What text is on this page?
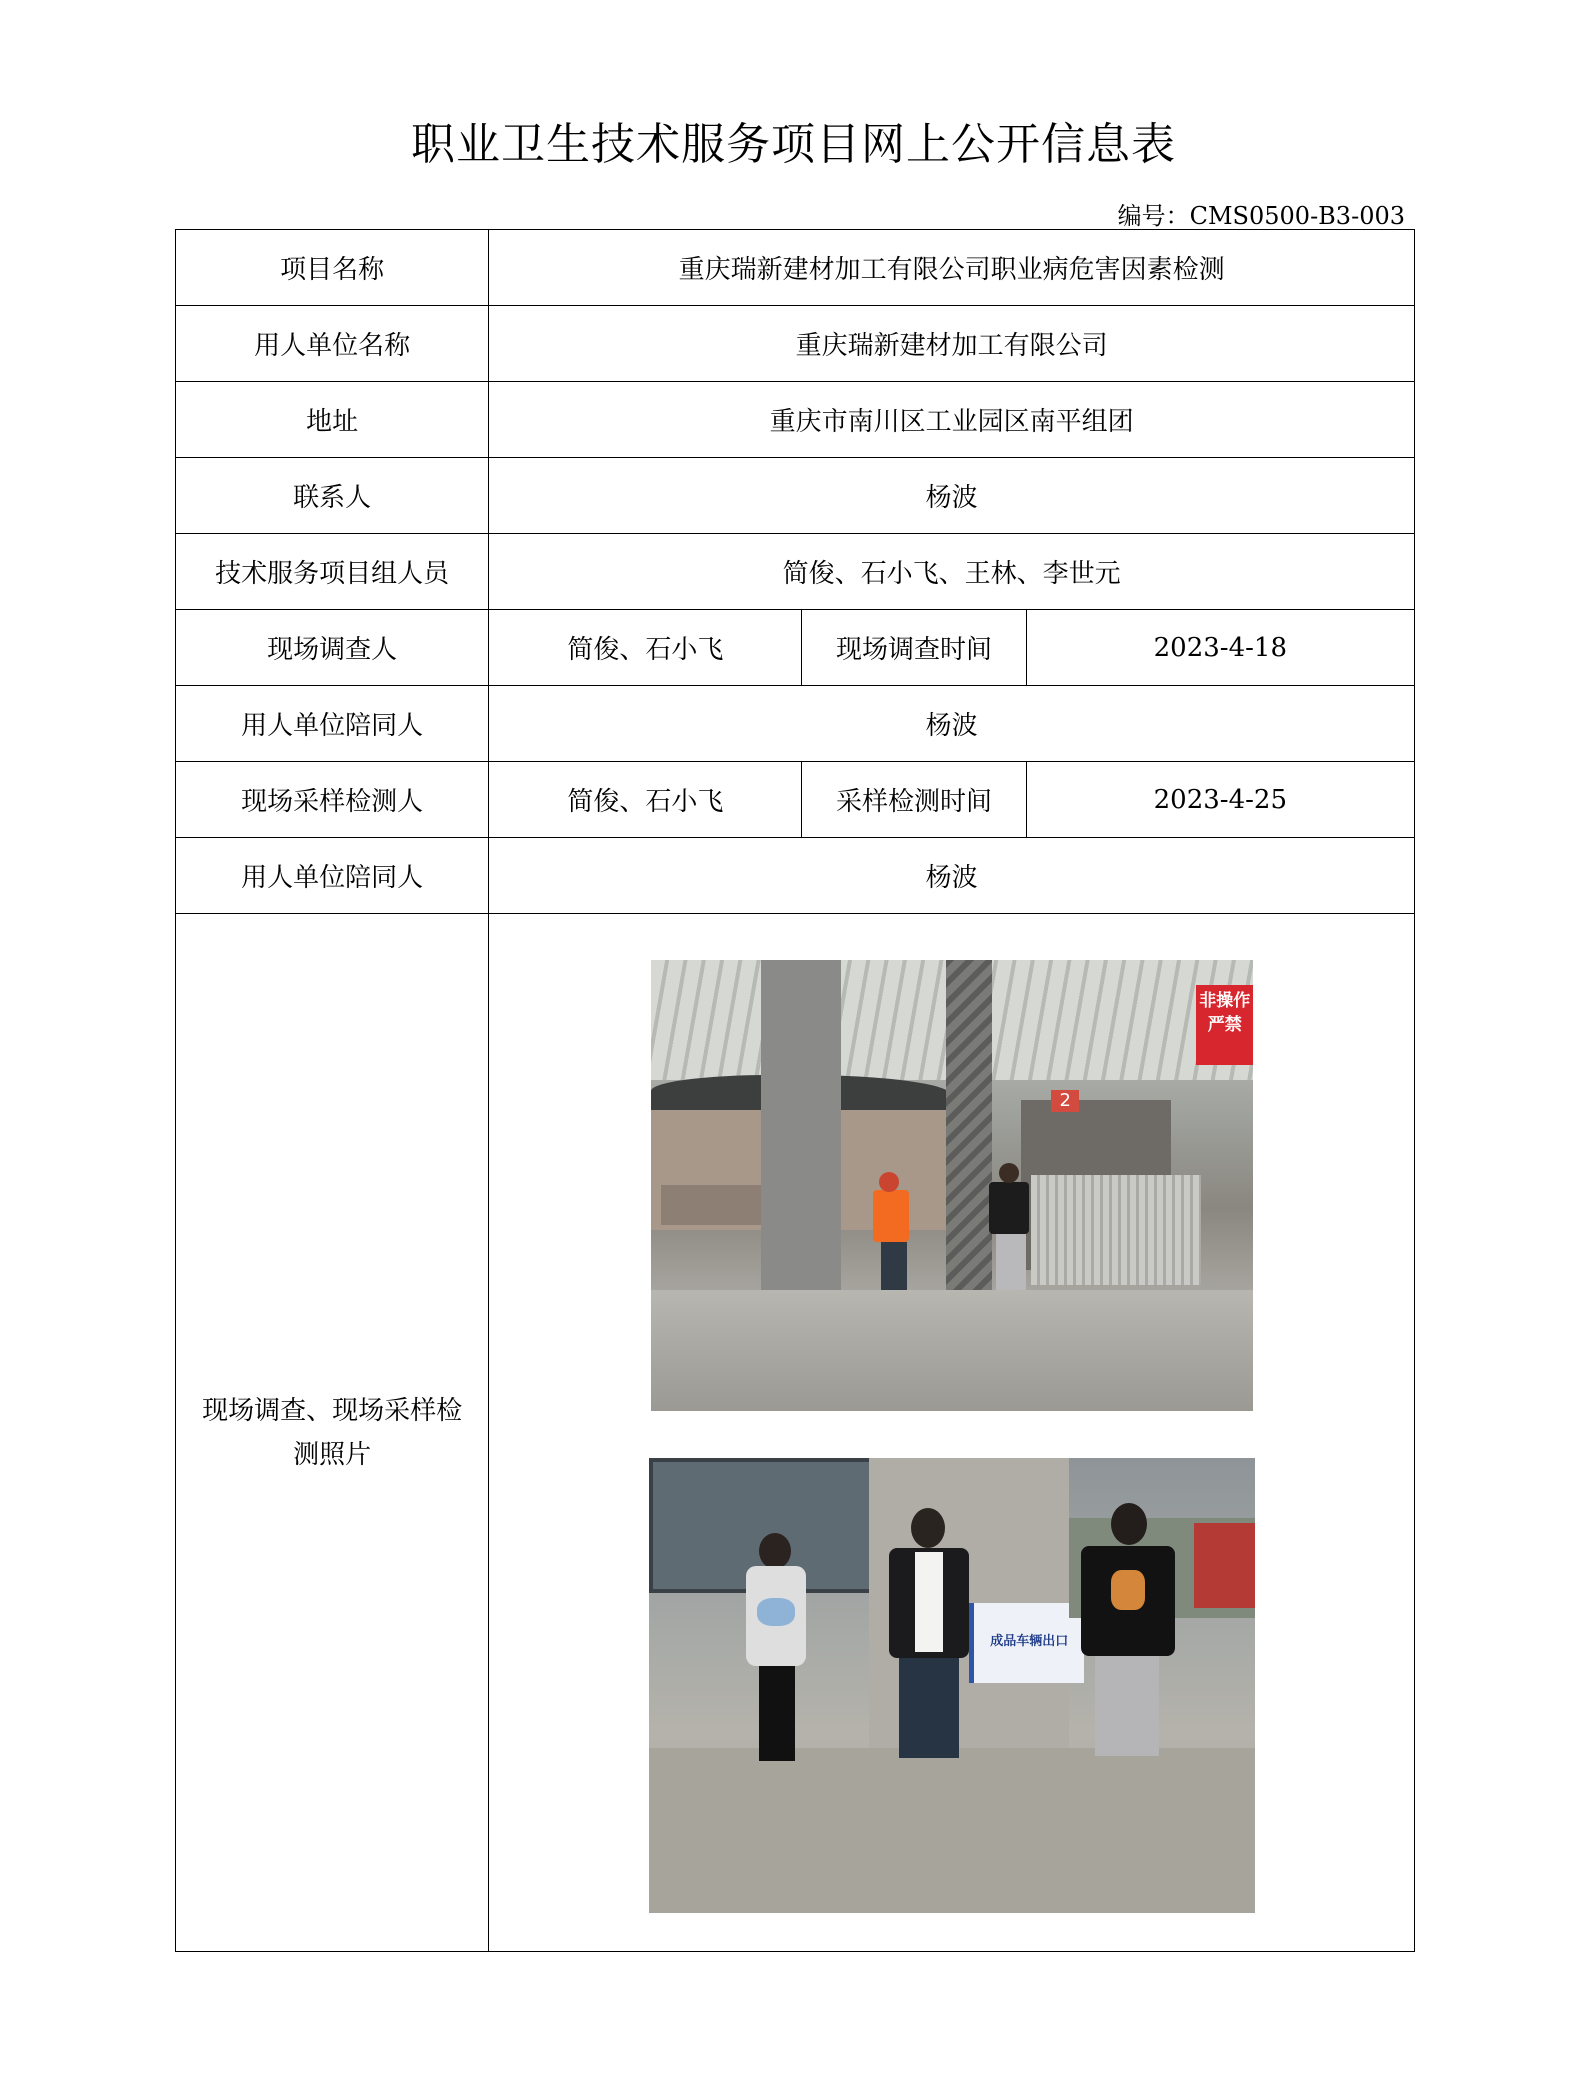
职业卫生技术服务项目网上公开信息表
编号：CMS0500-B3-003
项目名称	重庆瑞新建材加工有限公司职业病危害因素检测		
用人单位名称	重庆瑞新建材加工有限公司		
地址	重庆市南川区工业园区南平组团		
联系人	杨波		
技术服务项目组人员	简俊、石小飞、王林、李世元		
现场调查人	简俊、石小飞	现场调查时间	2023-4-18
用人单位陪同人	杨波		
现场采样检测人	简俊、石小飞	采样检测时间	2023-4-25
用人单位陪同人	杨波		
现场调查、现场采样检测照片	2
非操作 严禁
成品车辆出口		
